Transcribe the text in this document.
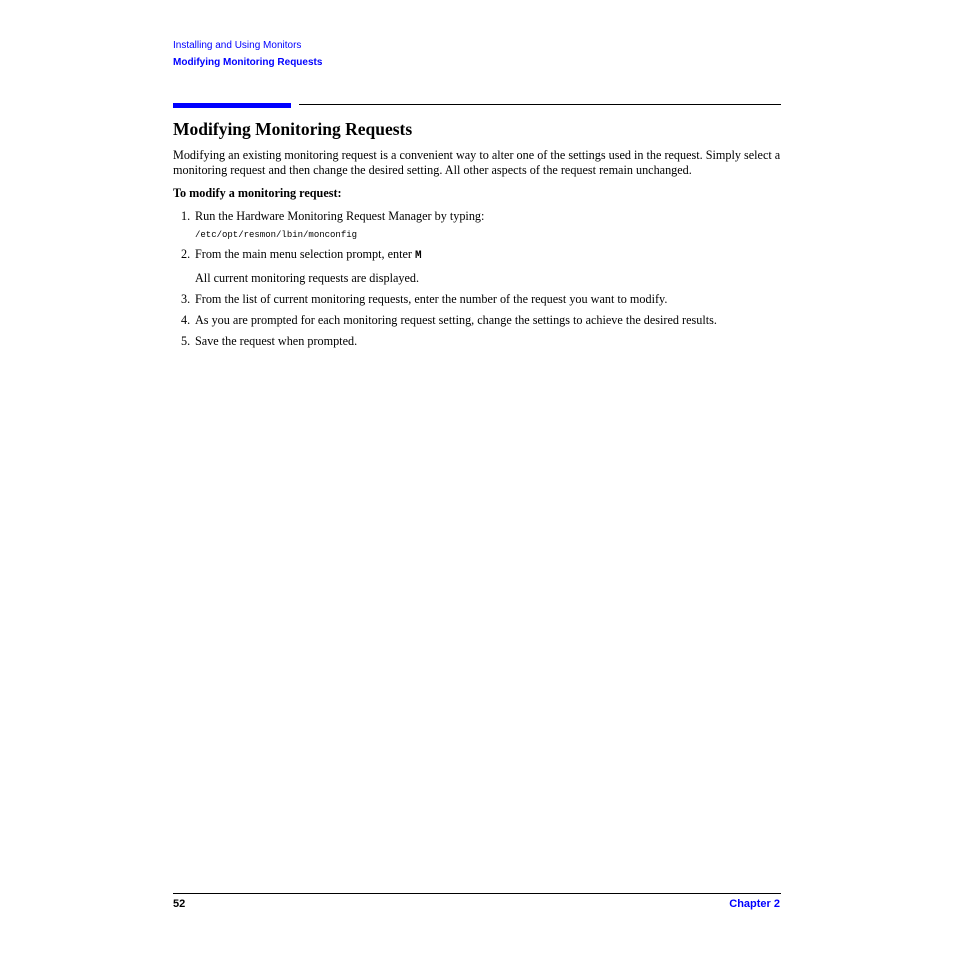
Installing and Using Monitors
Modifying Monitoring Requests
Modifying Monitoring Requests

Modifying an existing monitoring request is a convenient way to alter one of the settings used in the request. Simply select a monitoring request and then change the desired setting. All other aspects of the request remain unchanged.

To modify a monitoring request:

1. Run the Hardware Monitoring Request Manager by typing:
/etc/opt/resmon/lbin/monconfig
2. From the main menu selection prompt, enter M
All current monitoring requests are displayed.
3. From the list of current monitoring requests, enter the number of the request you want to modify.
4. As you are prompted for each monitoring request setting, change the settings to achieve the desired results.
5. Save the request when prompted.
52	Chapter 2
